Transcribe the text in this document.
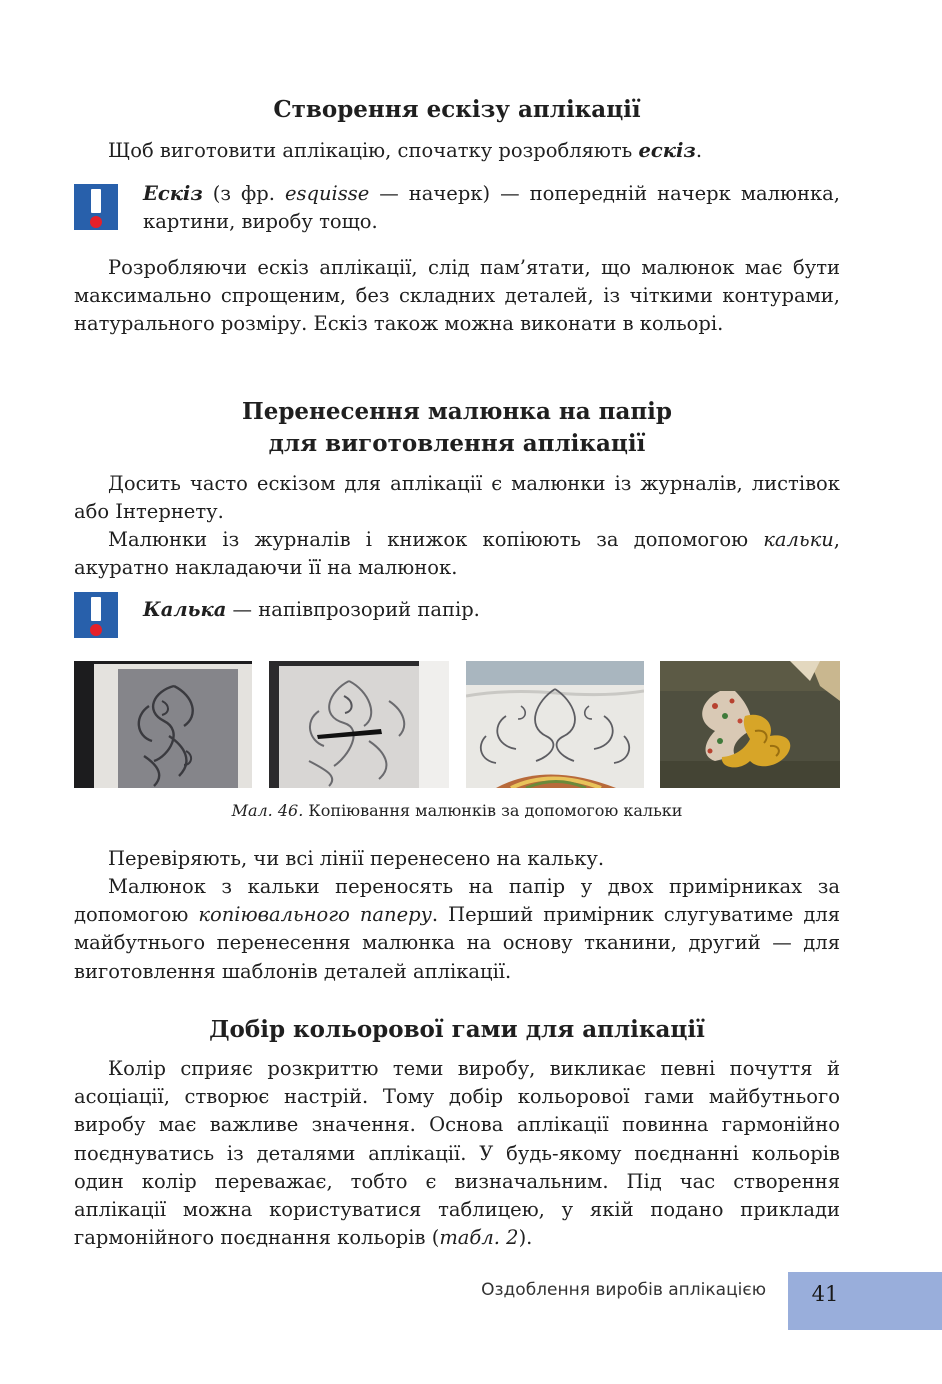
Створення ескізу аплікації

Щоб виготовити аплікацію, спочатку розробляють ескіз.

Ескіз (з фр. esquisse — начерк) — попередній начерк малюнка, картини, виробу тощо.

Розробляючи ескіз аплікації, слід пам’ятати, що малюнок має бути максимально спрощеним, без складних деталей, із чіткими контурами, натурального розміру. Ескіз також можна виконати в кольорі.

Перенесення малюнка на папір
для виготовлення аплікації

Досить часто ескізом для аплікації є малюнки із журналів, листівок або Інтернету.

Малюнки із журналів і книжок копіюють за допомогою кальки, акуратно накладаючи її на малюнок.

Калька — напівпрозорий папір.
Мал. 46. Копіювання малюнків за допомогою кальки

Перевіряють, чи всі лінії перенесено на кальку.

Малюнок з кальки переносять на папір у двох примірниках за допомогою копіювального паперу. Перший примірник слугуватиме для майбутнього перенесення малюнка на основу тканини, другий — для виготовлення шаблонів деталей аплікації.

Добір кольорової гами для аплікації

Колір сприяє розкриттю теми виробу, викликає певні почуття й асоціації, створює настрій. Тому добір кольорової гами майбутнього виробу має важливе значення. Основа аплікації повинна гармонійно поєднуватись із деталями аплікації. У будь-якому поєднанні кольорів один колір переважає, тобто є визначальним. Під час створення аплікації можна користуватися таблицею, у якій подано приклади гармонійного поєднання кольорів (табл. 2).

Оздоблення виробів аплікацією	41
